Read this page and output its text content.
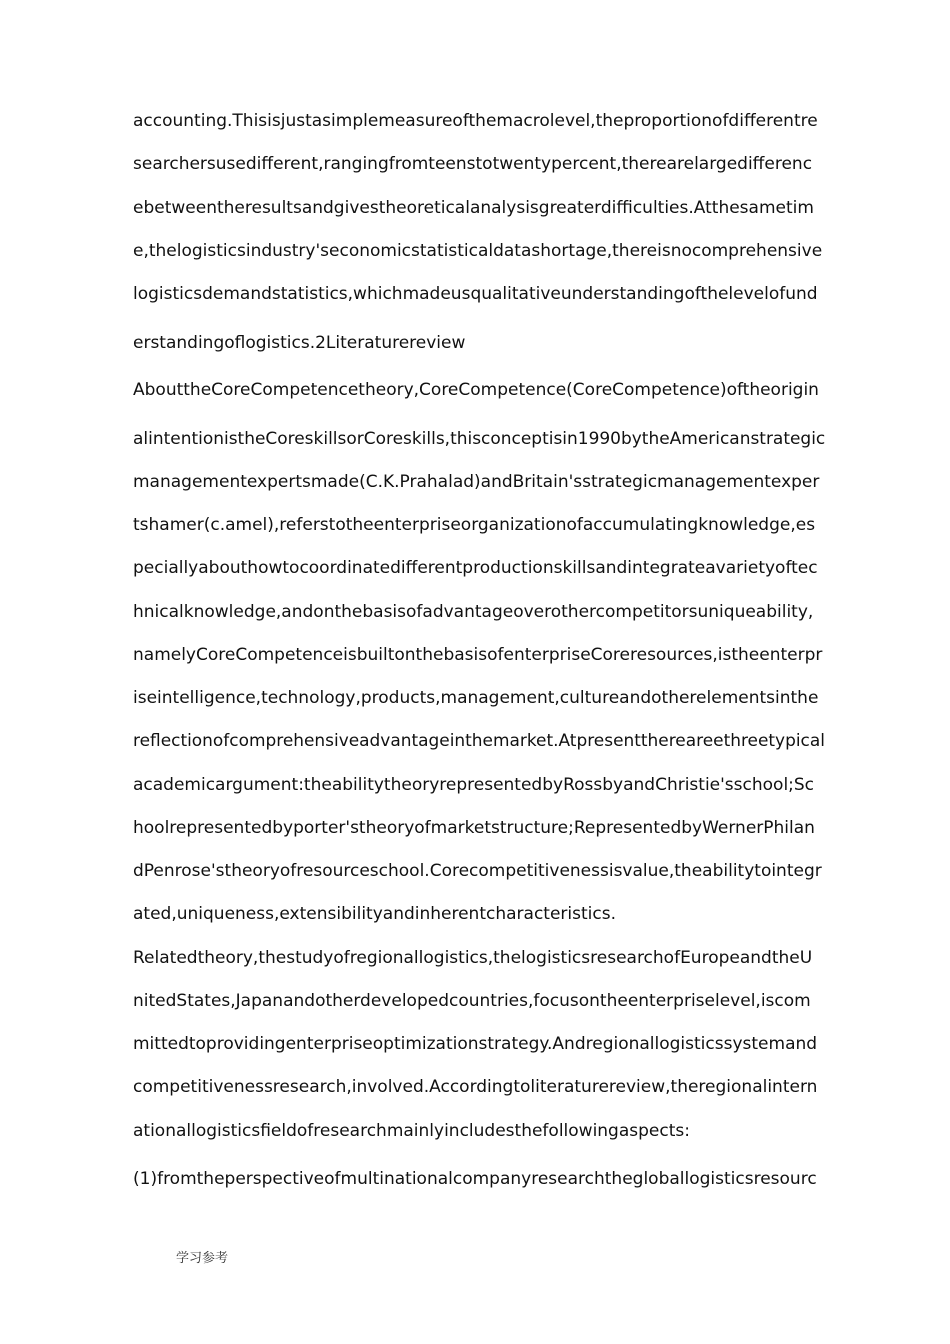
accounting.Thisisjustasimplemeasureofthemacrolevel,theproportionofdifferentre
searchersusedifferent,rangingfromteenstotwentypercent,therearelargedifferenc
ebetweentheresultsandgivestheoreticalanalysisgreaterdifficulties.Atthesametim
e,thelogisticsindustry'seconomicstatisticaldatashortage,thereisnocomprehensive
logisticsdemandstatistics,whichmadeusqualitativeunderstandingofthelevelofund
erstandingoflogistics.2Literaturereview
AbouttheCoreCompetencetheory,CoreCompetence(CoreCompetence)oftheorigin
alintentionistheCoreskillsorCoreskills,thisconceptisin1990bytheAmericanstrategic
managementexpertsmade(C.K.Prahalad)andBritain'sstrategicmanagementexper
tshamer(c.amel),referstotheenterpriseorganizationofaccumulatingknowledge,es
peciallyabouthowtocoordinatedifferentproductionskillsandintegrateavarietyoftec
hnicalknowledge,andonthebasisofadvantageoverothercompetitorsuniqueability,
namelyCoreCompetenceisbuiltonthebasisofenterpriseCoreresources,istheenterpr
iseintelligence,technology,products,management,cultureandotherelementsinthe
reflectionofcomprehensiveadvantageinthemarket.Atpresentthereareethreetypical
academicargument:theabilitytheoryrepresentedbyRossbyandChristie'sschool;Sc
hoolrepresentedbyporter'stheoryofmarketstructure;RepresentedbyWernerPhilan
dPenrose'stheoryofresourceschool.Corecompetitivenessisvalue,theabilitytointegr
ated,uniqueness,extensibilityandinherentcharacteristics.
Relatedtheory,thestudyofregionallogistics,thelogisticsresearchofEuropeandtheU
nitedStates,Japanandotherdevelopedcountries,focusontheenterpriselevel,iscom
mittedtoprovidingenterpriseoptimizationstrategy.Andregionallogisticssystemand
competitivenessresearch,involved.Accordingtoliteraturereview,theregionalintern
ationallogisticsfieldofresearchmainlyincludesthefollowingaspects:
(1)fromtheperspectiveofmultinationalcompanyresearchthegloballogisticsresourc
学习参考
